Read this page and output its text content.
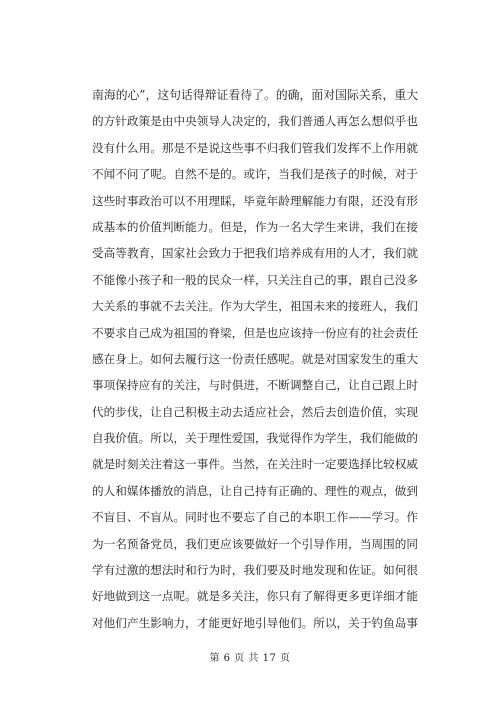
南海的心”，这句话得辩证看待了。的确，面对国际关系，重大
的方针政策是由中央领导人决定的，我们普通人再怎么想似乎也
没有什么用。那是不是说这些事不归我们管我们发挥不上作用就
不闻不问了呢。自然不是的。或许，当我们是孩子的时候，对于
这些时事政治可以不用理睬，毕竟年龄理解能力有限，还没有形
成基本的价值判断能力。但是，作为一名大学生来讲，我们在接
受高等教育，国家社会致力于把我们培养成有用的人才，我们就
不能像小孩子和一般的民众一样，只关注自己的事，跟自己没多
大关系的事就不去关注。作为大学生，祖国未来的接班人，我们
不要求自己成为祖国的脊梁，但是也应该持一份应有的社会责任
感在身上。如何去履行这一份责任感呢。就是对国家发生的重大
事项保持应有的关注，与时俱进，不断调整自己，让自己跟上时
代的步伐，让自己积极主动去适应社会，然后去创造价值，实现
自我价值。所以，关于理性爱国，我觉得作为学生，我们能做的
就是时刻关注着这一事件。当然，在关注时一定要选择比较权威
的人和媒体播放的消息，让自己持有正确的、理性的观点，做到
不盲目、不盲从。同时也不要忘了自己的本职工作——学习。作
为一名预备党员，我们更应该要做好一个引导作用，当周围的同
学有过激的想法时和行为时，我们要及时地发现和佐证。如何很
好地做到这一点呢。就是多关注，你只有了解得更多更详细才能
对他们产生影响力，才能更好地引导他们。所以，关于钓鱼岛事
第 6 页 共 17 页
